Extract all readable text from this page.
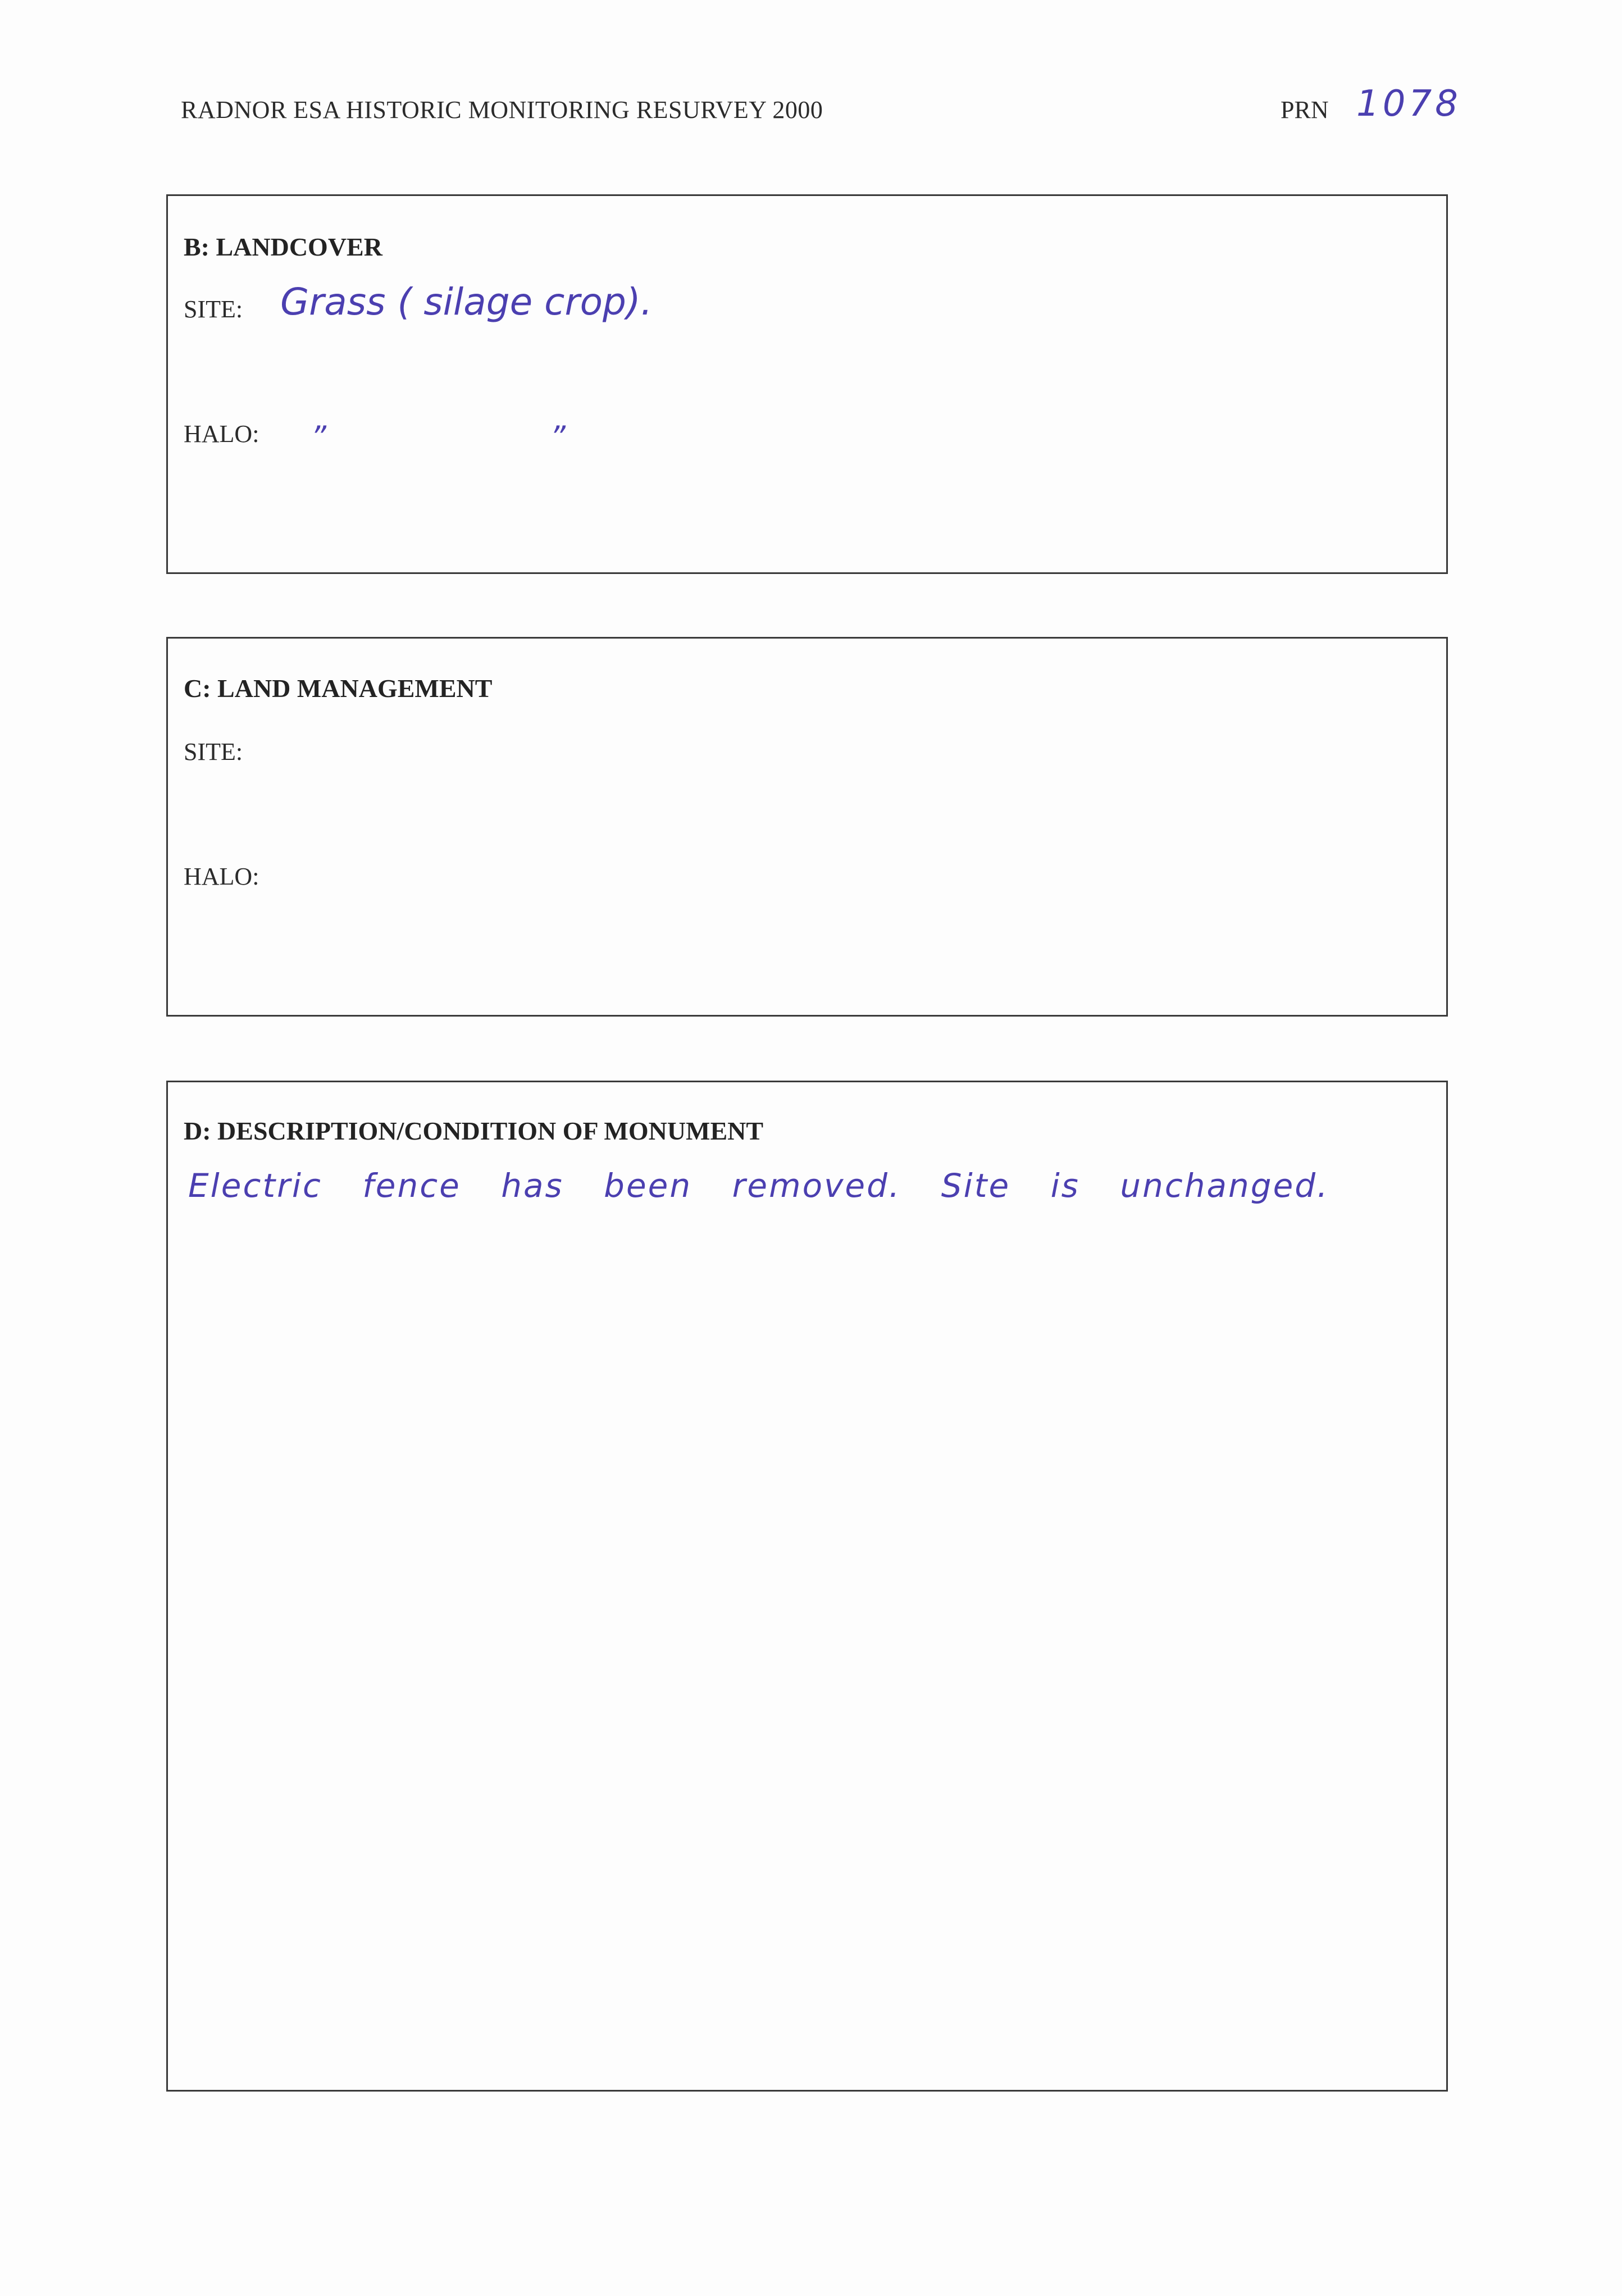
RADNOR ESA HISTORIC MONITORING RESURVEY 2000	PRN 1078
B: LANDCOVER
SITE: Grass ( silage crop).
HALO: ”	”
C: LAND MANAGEMENT
SITE:
HALO:
D: DESCRIPTION/CONDITION OF MONUMENT
Electric fence has been removed. Site is unchanged.
